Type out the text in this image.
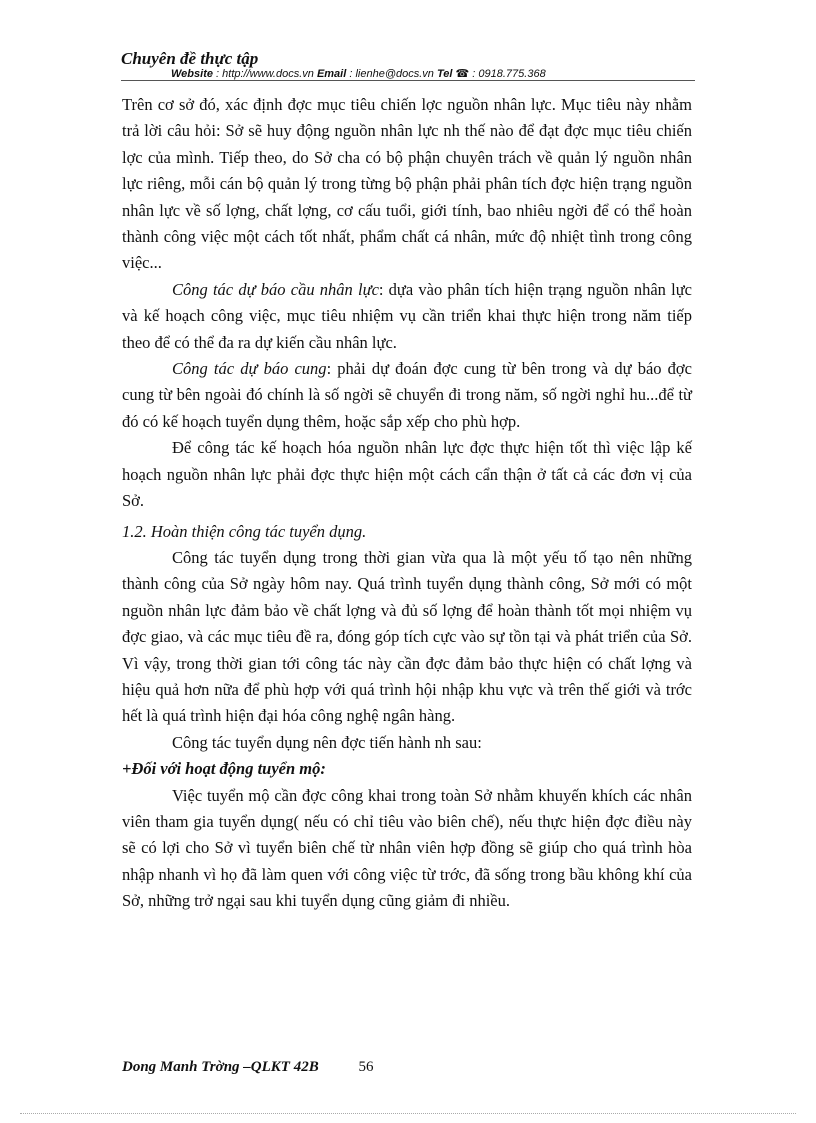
Chuyên đề thực tập
Website : http://www.docs.vn Email : lienhe@docs.vn Tel ☎ : 0918.775.368

Trên cơ sở đó, xác định đợc mục tiêu chiến lợc nguồn nhân lực. Mục tiêu này nhằm trả lời câu hỏi: Sở sẽ huy động nguồn nhân lực nh thế nào để đạt đợc mục tiêu chiến lợc của mình. Tiếp theo, do Sở cha có bộ phận chuyên trách về quản lý nguồn nhân lực riêng, mỗi cán bộ quản lý trong từng bộ phận phải phân tích đợc hiện trạng nguồn nhân lực về số lợng, chất lợng, cơ cấu tuổi, giới tính, bao nhiêu ngời để có thể hoàn thành công việc một cách tốt nhất, phẩm chất cá nhân, mức độ nhiệt tình trong công việc...

Công tác dự báo cầu nhân lực: dựa vào phân tích hiện trạng nguồn nhân lực và kế hoạch công việc, mục tiêu nhiệm vụ cần triển khai thực hiện trong năm tiếp theo để có thể đa ra dự kiến cầu nhân lực.

Công tác dự báo cung: phải dự đoán đợc cung từ bên trong và dự báo đợc cung từ bên ngoài đó chính là số ngời sẽ chuyển đi trong năm, số ngời nghỉ hu...để từ đó có kế hoạch tuyển dụng thêm, hoặc sắp xếp cho phù hợp.

Để công tác kế hoạch hóa nguồn nhân lực đợc thực hiện tốt thì việc lập kế hoạch nguồn nhân lực phải đợc thực hiện một cách cẩn thận ở tất cả các đơn vị của Sở.

1.2. Hoàn thiện công tác tuyển dụng.

Công tác tuyển dụng trong thời gian vừa qua là một yếu tố tạo nên những thành công của Sở ngày hôm nay. Quá trình tuyển dụng thành công, Sở mới có một nguồn nhân lực đảm bảo về chất lợng và đủ số lợng để hoàn thành tốt mọi nhiệm vụ đợc giao, và các mục tiêu đề ra, đóng góp tích cực vào sự tồn tại và phát triển của Sở. Vì vậy, trong thời gian tới công tác này cần đợc đảm bảo thực hiện có chất lợng và hiệu quả hơn nữa để phù hợp với quá trình hội nhập khu vực và trên thế giới và trớc hết là quá trình hiện đại hóa công nghệ ngân hàng.

Công tác tuyển dụng nên đợc tiến hành nh sau:

+Đối với hoạt động tuyển mộ:

Việc tuyển mộ cần đợc công khai trong toàn Sở nhằm khuyến khích các nhân viên tham gia tuyển dụng( nếu có chỉ tiêu vào biên chế), nếu thực hiện đợc điều này sẽ có lợi cho Sở vì tuyển biên chế từ nhân viên hợp đồng sẽ giúp cho quá trình hòa nhập nhanh vì họ đã làm quen với công việc từ trớc, đã sống trong bầu không khí của Sở, những trở ngại sau khi tuyển dụng cũng giảm đi nhiều.

Dong Manh Trờng –QLKT 42B	56
